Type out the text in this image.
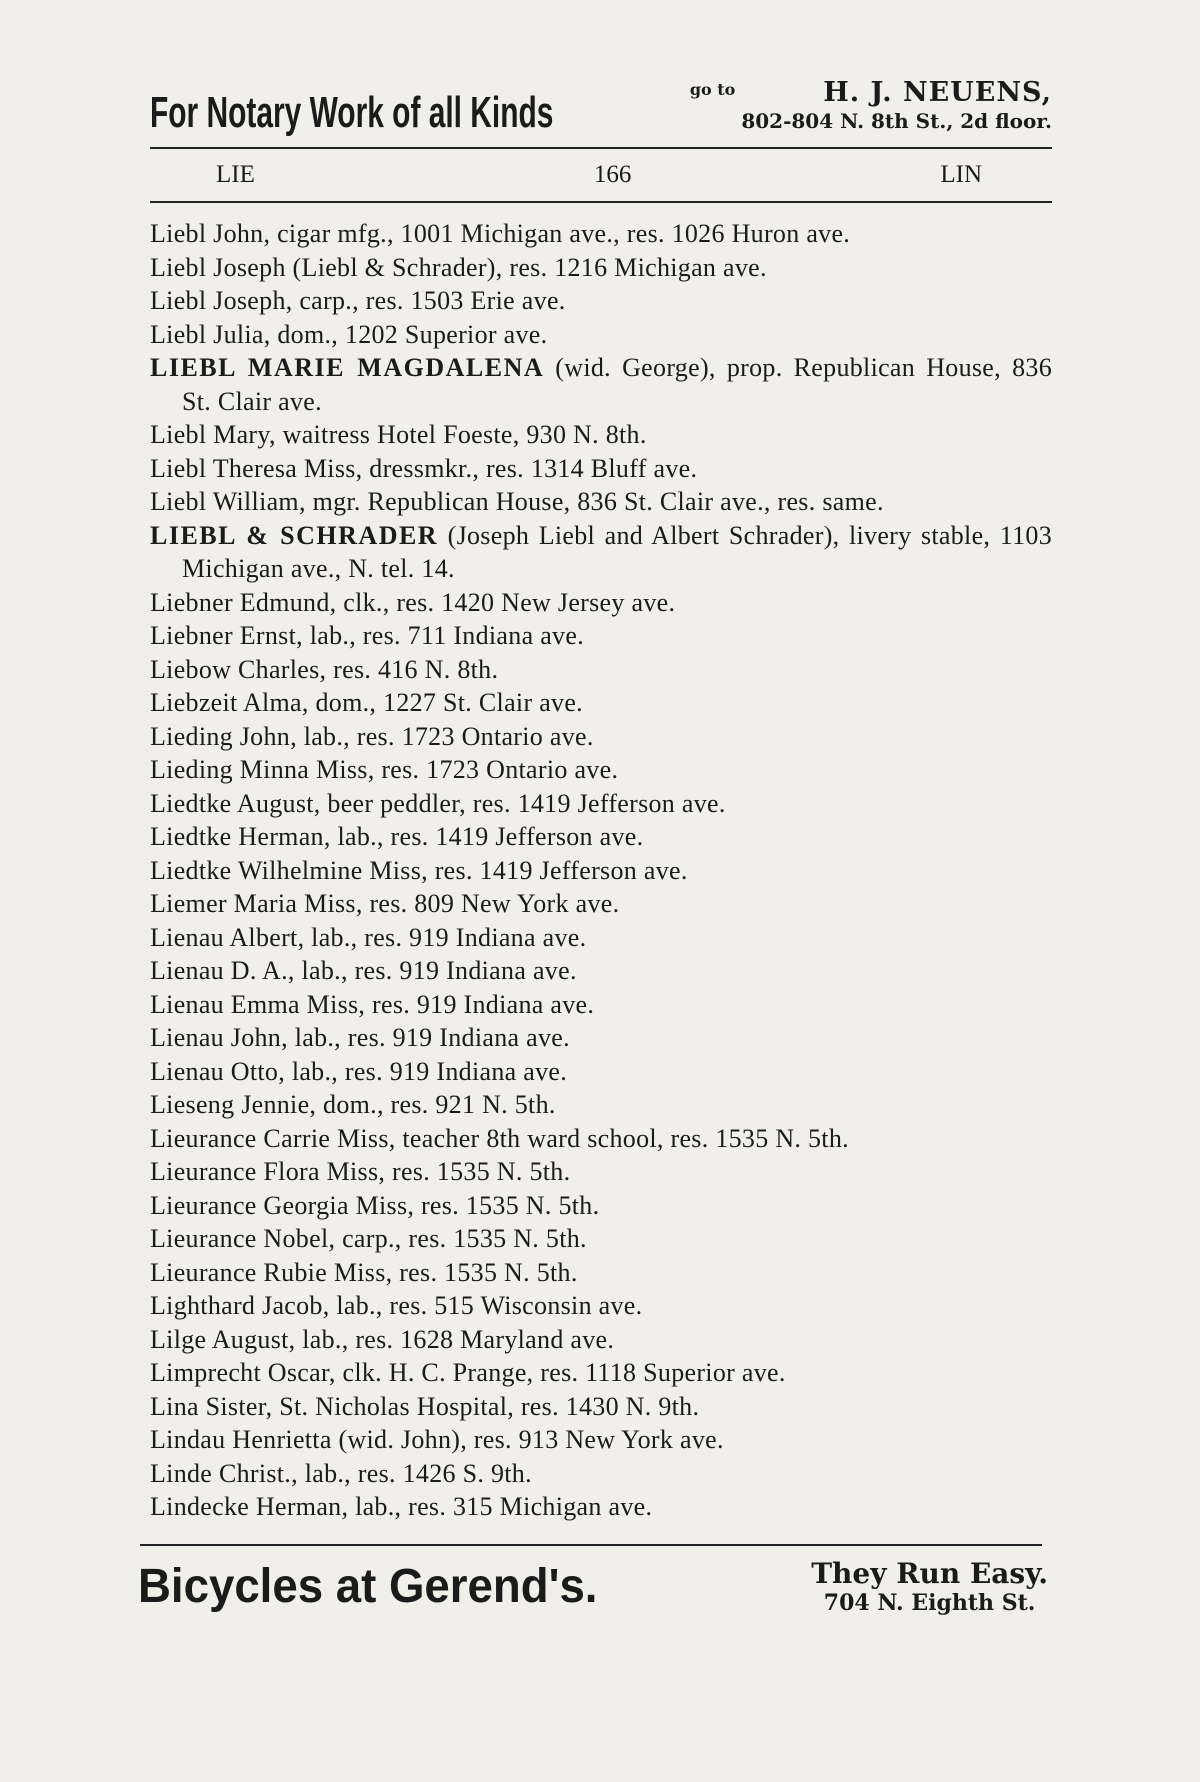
For Notary Work of all Kinds	go to	H. J. NEUENS,
802-804 N. 8th St., 2d floor.
LIE	166	LIN

Liebl John, cigar mfg., 1001 Michigan ave., res. 1026 Huron ave.

Liebl Joseph (Liebl & Schrader), res. 1216 Michigan ave.

Liebl Joseph, carp., res. 1503 Erie ave.

Liebl Julia, dom., 1202 Superior ave.

LIEBL MARIE MAGDALENA (wid. George), prop. Republican House, 836 St. Clair ave.

Liebl Mary, waitress Hotel Foeste, 930 N. 8th.

Liebl Theresa Miss, dressmkr., res. 1314 Bluff ave.

Liebl William, mgr. Republican House, 836 St. Clair ave., res. same.

LIEBL & SCHRADER (Joseph Liebl and Albert Schrader), livery stable, 1103 Michigan ave., N. tel. 14.

Liebner Edmund, clk., res. 1420 New Jersey ave.

Liebner Ernst, lab., res. 711 Indiana ave.

Liebow Charles, res. 416 N. 8th.

Liebzeit Alma, dom., 1227 St. Clair ave.

Lieding John, lab., res. 1723 Ontario ave.

Lieding Minna Miss, res. 1723 Ontario ave.

Liedtke August, beer peddler, res. 1419 Jefferson ave.

Liedtke Herman, lab., res. 1419 Jefferson ave.

Liedtke Wilhelmine Miss, res. 1419 Jefferson ave.

Liemer Maria Miss, res. 809 New York ave.

Lienau Albert, lab., res. 919 Indiana ave.

Lienau D. A., lab., res. 919 Indiana ave.

Lienau Emma Miss, res. 919 Indiana ave.

Lienau John, lab., res. 919 Indiana ave.

Lienau Otto, lab., res. 919 Indiana ave.

Lieseng Jennie, dom., res. 921 N. 5th.

Lieurance Carrie Miss, teacher 8th ward school, res. 1535 N. 5th.

Lieurance Flora Miss, res. 1535 N. 5th.

Lieurance Georgia Miss, res. 1535 N. 5th.

Lieurance Nobel, carp., res. 1535 N. 5th.

Lieurance Rubie Miss, res. 1535 N. 5th.

Lighthard Jacob, lab., res. 515 Wisconsin ave.

Lilge August, lab., res. 1628 Maryland ave.

Limprecht Oscar, clk. H. C. Prange, res. 1118 Superior ave.

Lina Sister, St. Nicholas Hospital, res. 1430 N. 9th.

Lindau Henrietta (wid. John), res. 913 New York ave.

Linde Christ., lab., res. 1426 S. 9th.

Lindecke Herman, lab., res. 315 Michigan ave.

Bicycles at Gerend's.	They Run Easy.
704 N. Eighth St.
